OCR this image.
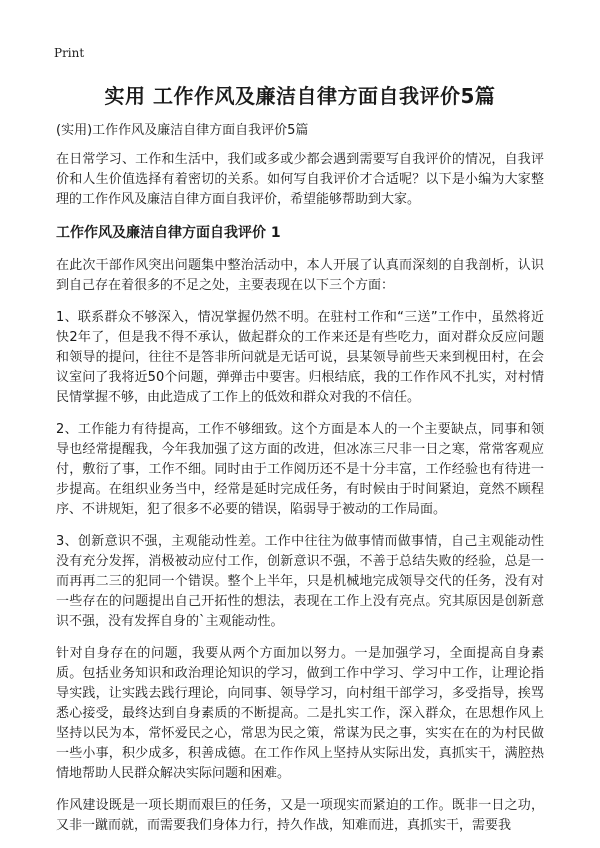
Print
实用 工作作风及廉洁自律方面自我评价5篇

(实用)工作作风及廉洁自律方面自我评价5篇

在日常学习、工作和生活中，我们或多或少都会遇到需要写自我评价的情况，自我评价和人生价值选择有着密切的关系。如何写自我评价才合适呢？以下是小编为大家整理的工作作风及廉洁自律方面自我评价，希望能够帮助到大家。

工作作风及廉洁自律方面自我评价 1

在此次干部作风突出问题集中整治活动中，本人开展了认真而深刻的自我剖析，认识到自己存在着很多的不足之处，主要表现在以下三个方面：

1、联系群众不够深入，情况掌握仍然不明。在驻村工作和“三送”工作中，虽然将近快2年了，但是我不得不承认，做起群众的工作来还是有些吃力，面对群众反应问题和领导的提问，往往不是答非所问就是无话可说，县某领导前些天来到枧田村，在会议室问了我将近50个问题，弹弹击中要害。归根结底，我的工作作风不扎实，对村情民情掌握不够，由此造成了工作上的低效和群众对我的不信任。

2、工作能力有待提高，工作不够细致。这个方面是本人的一个主要缺点，同事和领导也经常提醒我，今年我加强了这方面的改进，但冰冻三尺非一日之寒，常常客观应付，敷衍了事，工作不细。同时由于工作阅历还不是十分丰富，工作经验也有待进一步提高。在组织业务当中，经常是延时完成任务，有时候由于时间紧迫，竟然不顾程序、不讲规矩，犯了很多不必要的错误，陷弱导于被动的工作局面。

3、创新意识不强，主观能动性差。工作中往往为做事情而做事情，自己主观能动性没有充分发挥，消极被动应付工作，创新意识不强，不善于总结失败的经验，总是一而再再二三的犯同一个错误。整个上半年，只是机械地完成领导交代的任务，没有对一些存在的问题提出自己开拓性的想法，表现在工作上没有亮点。究其原因是创新意识不强，没有发挥自身的`主观能动性。

针对自身存在的问题，我要从两个方面加以努力。一是加强学习，全面提高自身素质。包括业务知识和政治理论知识的学习，做到工作中学习、学习中工作，让理论指导实践，让实践去践行理论，向同事、领导学习，向村组干部学习，多受指导，挨骂悉心接受，最终达到自身素质的不断提高。二是扎实工作，深入群众，在思想作风上坚持以民为本，常怀爱民之心，常思为民之策，常谋为民之事，实实在在的为村民做一些小事，积少成多，积善成德。在工作作风上坚持从实际出发，真抓实干，满腔热情地帮助人民群众解决实际问题和困难。

作风建设既是一项长期而艰巨的任务，又是一项现实而紧迫的工作。既非一日之功，又非一蹴而就，而需要我们身体力行，持久作战，知难而进，真抓实干，需要我
